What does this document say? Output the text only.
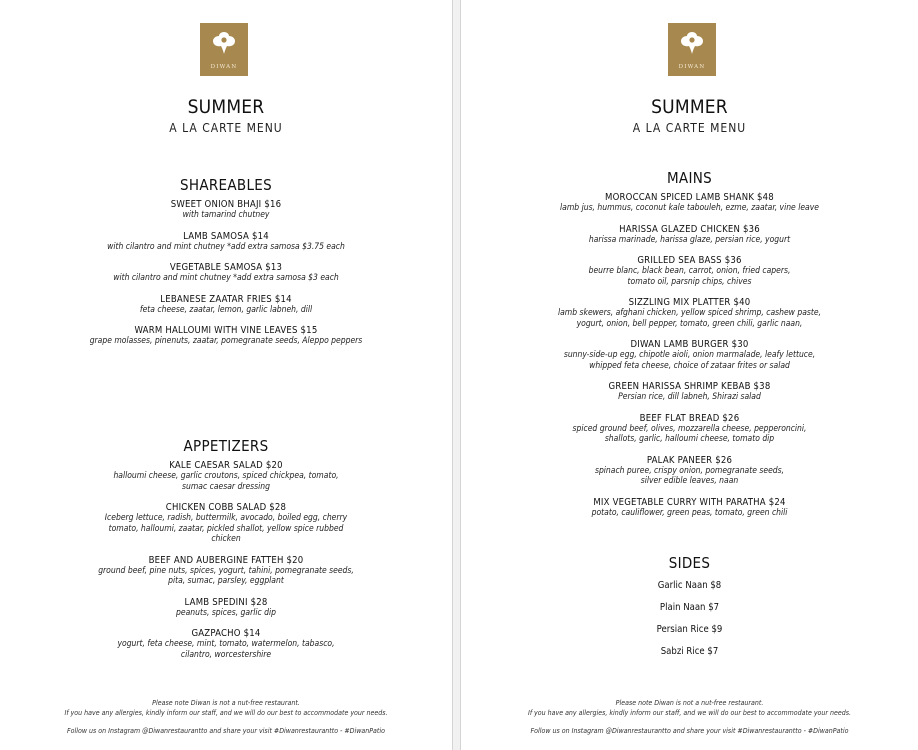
DIWAN
SUMMER
A LA CARTE MENU
SHAREABLES
SWEET ONION BHAJI $16
with tamarind chutney
LAMB SAMOSA $14
with cilantro and mint chutney *add extra samosa $3.75 each
VEGETABLE SAMOSA $13
with cilantro and mint chutney *add extra samosa $3 each
LEBANESE ZAATAR FRIES $14
feta cheese, zaatar, lemon, garlic labneh, dill
WARM HALLOUMI WITH VINE LEAVES $15
grape molasses, pinenuts, zaatar, pomegranate seeds, Aleppo peppers
APPETIZERS
KALE CAESAR SALAD $20
halloumi cheese, garlic croutons, spiced chickpea, tomato,
sumac caesar dressing
CHICKEN COBB SALAD $28
Iceberg lettuce, radish, buttermilk, avocado, boiled egg, cherry
tomato, halloumi, zaatar, pickled shallot, yellow spice rubbed
chicken
BEEF AND AUBERGINE FATTEH $20
ground beef, pine nuts, spices, yogurt, tahini, pomegranate seeds,
pita, sumac, parsley, eggplant
LAMB SPEDINI $28
peanuts, spices, garlic dip
GAZPACHO $14
yogurt, feta cheese, mint, tomato, watermelon, tabasco,
cilantro, worcestershire
Please note Diwan is not a nut-free restaurant.
If you have any allergies, kindly inform our staff, and we will do our best to accommodate your needs.
Follow us on Instagram @Diwanrestaurantto and share your visit #Diwanrestaurantto - #DiwanPatio
DIWAN
SUMMER
A LA CARTE MENU
MAINS
MOROCCAN SPICED LAMB SHANK $48
lamb jus, hummus, coconut kale tabouleh, ezme, zaatar, vine leave
HARISSA GLAZED CHICKEN $36
harissa marinade, harissa glaze, persian rice, yogurt
GRILLED SEA BASS $36
beurre blanc, black bean, carrot, onion, fried capers,
tomato oil, parsnip chips, chives
SIZZLING MIX PLATTER $40
lamb skewers, afghani chicken, yellow spiced shrimp, cashew paste,
yogurt, onion, bell pepper, tomato, green chili, garlic naan,
DIWAN LAMB BURGER $30
sunny-side-up egg, chipotle aioli, onion marmalade, leafy lettuce,
whipped feta cheese, choice of zataar frites or salad
GREEN HARISSA SHRIMP KEBAB $38
Persian rice, dill labneh, Shirazi salad
BEEF FLAT BREAD $26
spiced ground beef, olives, mozzarella cheese, pepperoncini,
shallots, garlic, halloumi cheese, tomato dip
PALAK PANEER $26
spinach puree, crispy onion, pomegranate seeds,
silver edible leaves, naan
MIX VEGETABLE CURRY WITH PARATHA $24
potato, cauliflower, green peas, tomato, green chili
SIDES
Garlic Naan $8
Plain Naan $7
Persian Rice $9
Sabzi Rice $7
Please note Diwan is not a nut-free restaurant.
If you have any allergies, kindly inform our staff, and we will do our best to accommodate your needs.
Follow us on Instagram @Diwanrestaurantto and share your visit #Diwanrestaurantto - #DiwanPatio
